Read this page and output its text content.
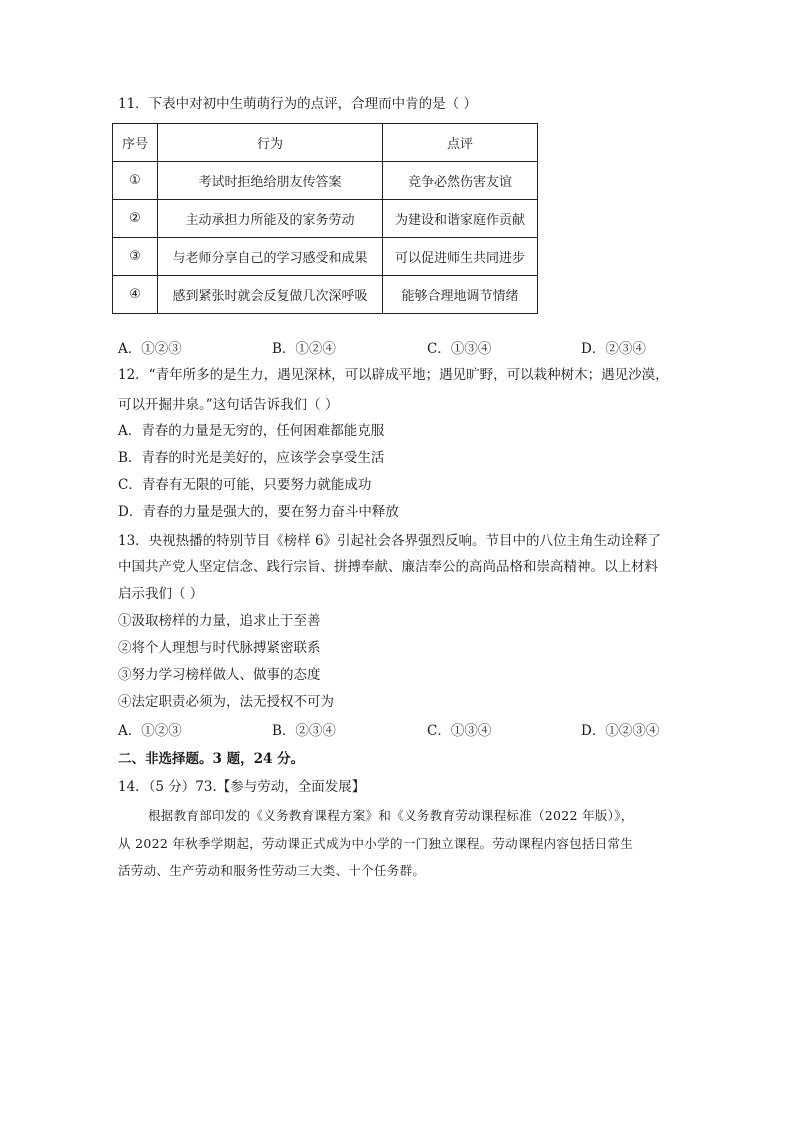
11．下表中对初中生萌萌行为的点评，合理而中肯的是（ ）
序号	行为	点评
①	考试时拒绝给朋友传答案	竞争必然伤害友谊
②	主动承担力所能及的家务劳动	为建设和谐家庭作贡献
③	与老师分享自己的学习感受和成果	可以促进师生共同进步
④	感到紧张时就会反复做几次深呼吸	能够合理地调节情绪
A．①②③	B．①②④	C．①③④	D．②③④
12．“青年所多的是生力，遇见深林，可以辟成平地；遇见旷野，可以栽种树木；遇见沙漠，
可以开掘井泉。”这句话告诉我们（ ）
A．青春的力量是无穷的，任何困难都能克服
B．青春的时光是美好的，应该学会享受生活
C．青春有无限的可能，只要努力就能成功
D．青春的力量是强大的，要在努力奋斗中释放
13．央视热播的特别节目《榜样 6》引起社会各界强烈反响。节目中的八位主角生动诠释了
中国共产党人坚定信念、践行宗旨、拼搏奉献、廉洁奉公的高尚品格和崇高精神。以上材料
启示我们（ ）
①汲取榜样的力量，追求止于至善
②将个人理想与时代脉搏紧密联系
③努力学习榜样做人、做事的态度
④法定职责必须为，法无授权不可为
A．①②③	B．②③④	C．①③④	D．①②③④
二、非选择题。3 题，24 分。
14．（5 分）73.【参与劳动，全面发展】
根据教育部印发的《义务教育课程方案》和《义务教育劳动课程标准（2022 年版）》，
从 2022 年秋季学期起，劳动课正式成为中小学的一门独立课程。劳动课程内容包括日常生
活劳动、生产劳动和服务性劳动三大类、十个任务群。
